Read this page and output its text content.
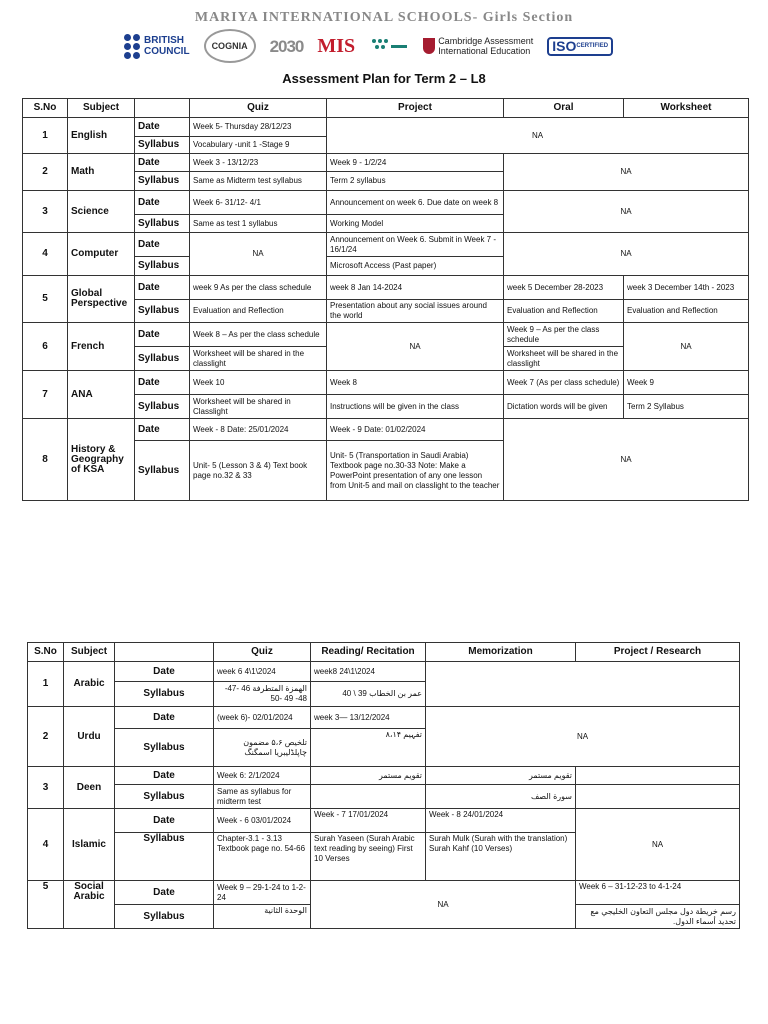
MARIYA INTERNATIONAL SCHOOLS- Girls Section
BRITISH
COUNCIL
COGNIA	2030 MIS	Cambridge Assessment
International Education ISO CERTIFIED
Assessment Plan for Term 2 – L8
S.No	Subject		Quiz	Project	Oral	Worksheet
1	English	Date	Week 5- Thursday 28/12/23	NA		
		Syllabus	Vocabulary -unit 1 -Stage 9			
2	Math	Date	Week 3 - 13/12/23	Week 9 - 1/2/24	NA	
		Syllabus	Same as Midterm test syllabus	Term 2 syllabus		
3	Science	Date	Week 6- 31/12- 4/1	Announcement on week 6. Due date on week 8	NA	
		Syllabus	Same as test 1 syllabus	Working Model		
4	Computer	Date	NA	Announcement on Week 6. Submit in Week 7 - 16/1/24	NA	
		Syllabus		Microsoft Access (Past paper)		
5	Global Perspective	Date	week 9 As per the class schedule	week 8 Jan 14-2024	week 5 December 28-2023	week 3 December 14th - 2023
		Syllabus	Evaluation and Reflection	Presentation about any social issues around the world	Evaluation and Reflection	Evaluation and Reflection
6	French	Date	Week 8 – As per the class schedule	NA	Week 9 – As per the class schedule	NA
		Syllabus	Worksheet will be shared in the classlight		Worksheet will be shared in the classlight	
7	ANA	Date	Week 10	Week 8	Week 7 (As per class schedule)	Week 9
		Syllabus	Worksheet will be shared in Classlight	Instructions will be given in the class	Dictation words will be given	Term 2 Syllabus
8	History & Geography of KSA	Date	Week - 8 Date: 25/01/2024	Week - 9 Date: 01/02/2024	NA	
		Syllabus	Unit- 5 (Lesson 3 & 4) Text book page no.32 & 33	Unit- 5 (Transportation in Saudi Arabia) Textbook page no.30-33 Note: Make a PowerPoint presentation of any one lesson from Unit-5 and mail on classlight to the teacher		
S.No	Subject		Quiz	Reading/ Recitation	Memorization	Project / Research
1	Arabic	Date	week 6 4\1\2024	week8 24\1\2024		
		Syllabus	الهمزة المتطرفة 46 -47- 48- 49 -50	عمر بن الخطاب 39 \ 40		
2	Urdu	Date	(week 6)- 02/01/2024	week 3— 13/12/2024	NA	
		Syllabus	تلخیص ۵،۶ مضمون چاپلڈلیبریا اسمگنگ	تفہیم ۸،۱۴		
3	Deen	Date	Week 6: 2/1/2024	تقویم مستمر	تقویم مستمر	
		Syllabus	Same as syllabus for midterm test		سورة الصف	
4	Islamic	Date	Week - 6 03/01/2024	Week - 7 17/01/2024	Week - 8 24/01/2024	NA
		Syllabus	Chapter-3.1 - 3.13 Textbook page no. 54-66	Surah Yaseen (Surah Arabic text reading by seeing) First 10 Verses	Surah Mulk (Surah with the translation) Surah Kahf (10 Verses)	
5	Social Arabic	Date	Week 9 – 29-1-24 to 1-2-24	NA		Week 6 – 31-12-23 to 4-1-24
		Syllabus	الوحدة الثانية			رسم خريطة دول مجلس التعاون الخليجي مع تحديد أسماء الدول.
